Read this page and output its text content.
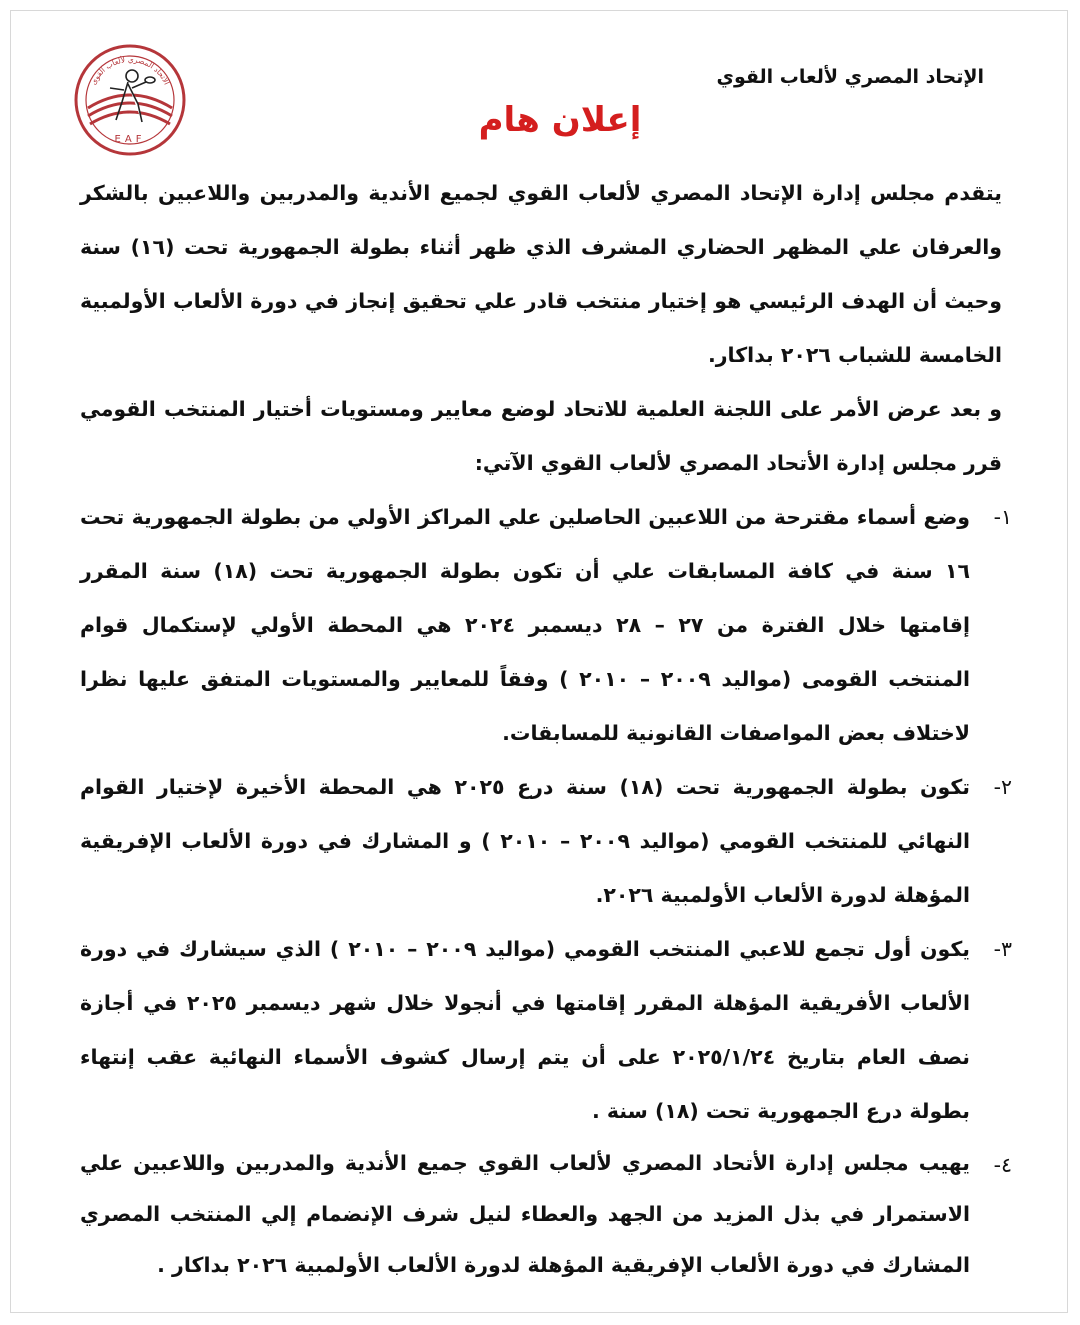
الاتحاد المصري لألعاب القوى
EAF
الإتحاد المصري لألعاب القوي
إعلان هام

يتقدم مجلس إدارة الإتحاد المصري لألعاب القوي لجميع الأندية والمدربين واللاعبين بالشكر والعرفان علي المظهر الحضاري المشرف الذي ظهر أثناء بطولة الجمهورية تحت (١٦) سنة وحيث أن الهدف الرئيسي هو إختيار منتخب قادر علي تحقيق إنجاز في دورة الألعاب الأولمبية الخامسة للشباب ٢٠٢٦ بداكار.

و بعد عرض الأمر على اللجنة العلمية للاتحاد لوضع معايير ومستويات أختيار المنتخب القومي قرر مجلس إدارة الأتحاد المصري لألعاب القوي الآتي:

١-

وضع أسماء مقترحة من اللاعبين الحاصلين علي المراكز الأولي من بطولة الجمهورية تحت ١٦ سنة في كافة المسابقات علي أن تكون بطولة الجمهورية تحت (١٨) سنة المقرر إقامتها خلال الفترة من ٢٧ – ٢٨ ديسمبر ٢٠٢٤ هي المحطة الأولي لإستكمال قوام المنتخب القومى (مواليد ٢٠٠٩ – ٢٠١٠ ) وفقاً للمعايير والمستويات المتفق عليها نظرا لاختلاف بعض المواصفات القانونية للمسابقات.

٢-

تكون بطولة الجمهورية تحت (١٨) سنة درع ٢٠٢٥ هي المحطة الأخيرة لإختيار القوام النهائي للمنتخب القومي (مواليد ٢٠٠٩ – ٢٠١٠ ) و المشارك في دورة الألعاب الإفريقية المؤهلة لدورة الألعاب الأولمبية ٢٠٢٦.

٣-

يكون أول تجمع للاعبي المنتخب القومي (مواليد ٢٠٠٩ – ٢٠١٠ ) الذي سيشارك في دورة الألعاب الأفريقية المؤهلة المقرر إقامتها في أنجولا خلال شهر ديسمبر ٢٠٢٥ في أجازة نصف العام بتاريخ ٢٠٢٥/١/٢٤ على أن يتم إرسال كشوف الأسماء النهائية عقب إنتهاء بطولة درع الجمهورية تحت (١٨) سنة .

٤-

يهيب مجلس إدارة الأتحاد المصري لألعاب القوي جميع الأندية والمدربين واللاعبين علي الاستمرار في بذل المزيد من الجهد والعطاء لنيل شرف الإنضمام إلي المنتخب المصري المشارك في دورة الألعاب الإفريقية المؤهلة لدورة الألعاب الأولمبية ٢٠٢٦ بداكار .
